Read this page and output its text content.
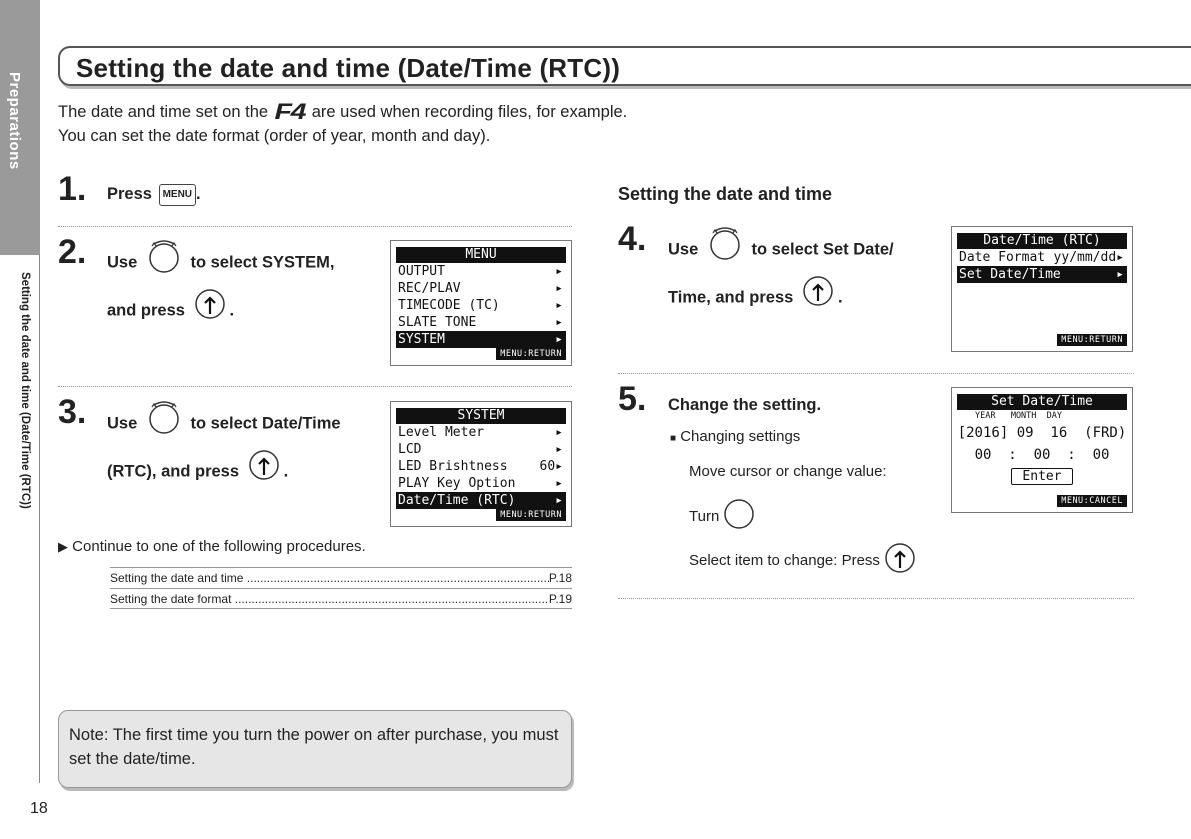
Preparations
Setting the date and time (Date/Time (RTC))
18
Setting the date and time (Date/Time (RTC))
The date and time set on the F4 are used when recording files, for example.
You can set the date format (order of year, month and day).
1. Press MENU .
2. Use	to select SYSTEM,
and press	.
MENU
OUTPUT	▸
REC/PLAV	▸
TIMECODE (TC)	▸
SLATE TONE	▸
SYSTEM	▸
MENU:RETURN
3. Use	to select Date/Time
(RTC), and press	.
SYSTEM
Level Meter	▸
LCD	▸
LED Brishtness 60▸
PLAY Key Option	▸
Date/Time (RTC)	▸
MENU:RETURN
▶ Continue to one of the following procedures.
Setting the date and time .....	P.18
Setting the date format .....	P.19
Note: The first time you turn the power on after purchase, you must set the date/time.
Setting the date and time
4. Use	to select Set Date/
Time, and press	.
Date/Time (RTC)
Date Format yy/mm/dd▸
Set Date/Time	▸
MENU:RETURN
5. Change the setting.
■ Changing settings
Move cursor or change value:
Turn
Select item to change: Press
Set Date/Time
YEAR   MONTH  DAY
[2016] 09  16  (FRD)
00  :  00  :  00
Enter
MENU:CANCEL
